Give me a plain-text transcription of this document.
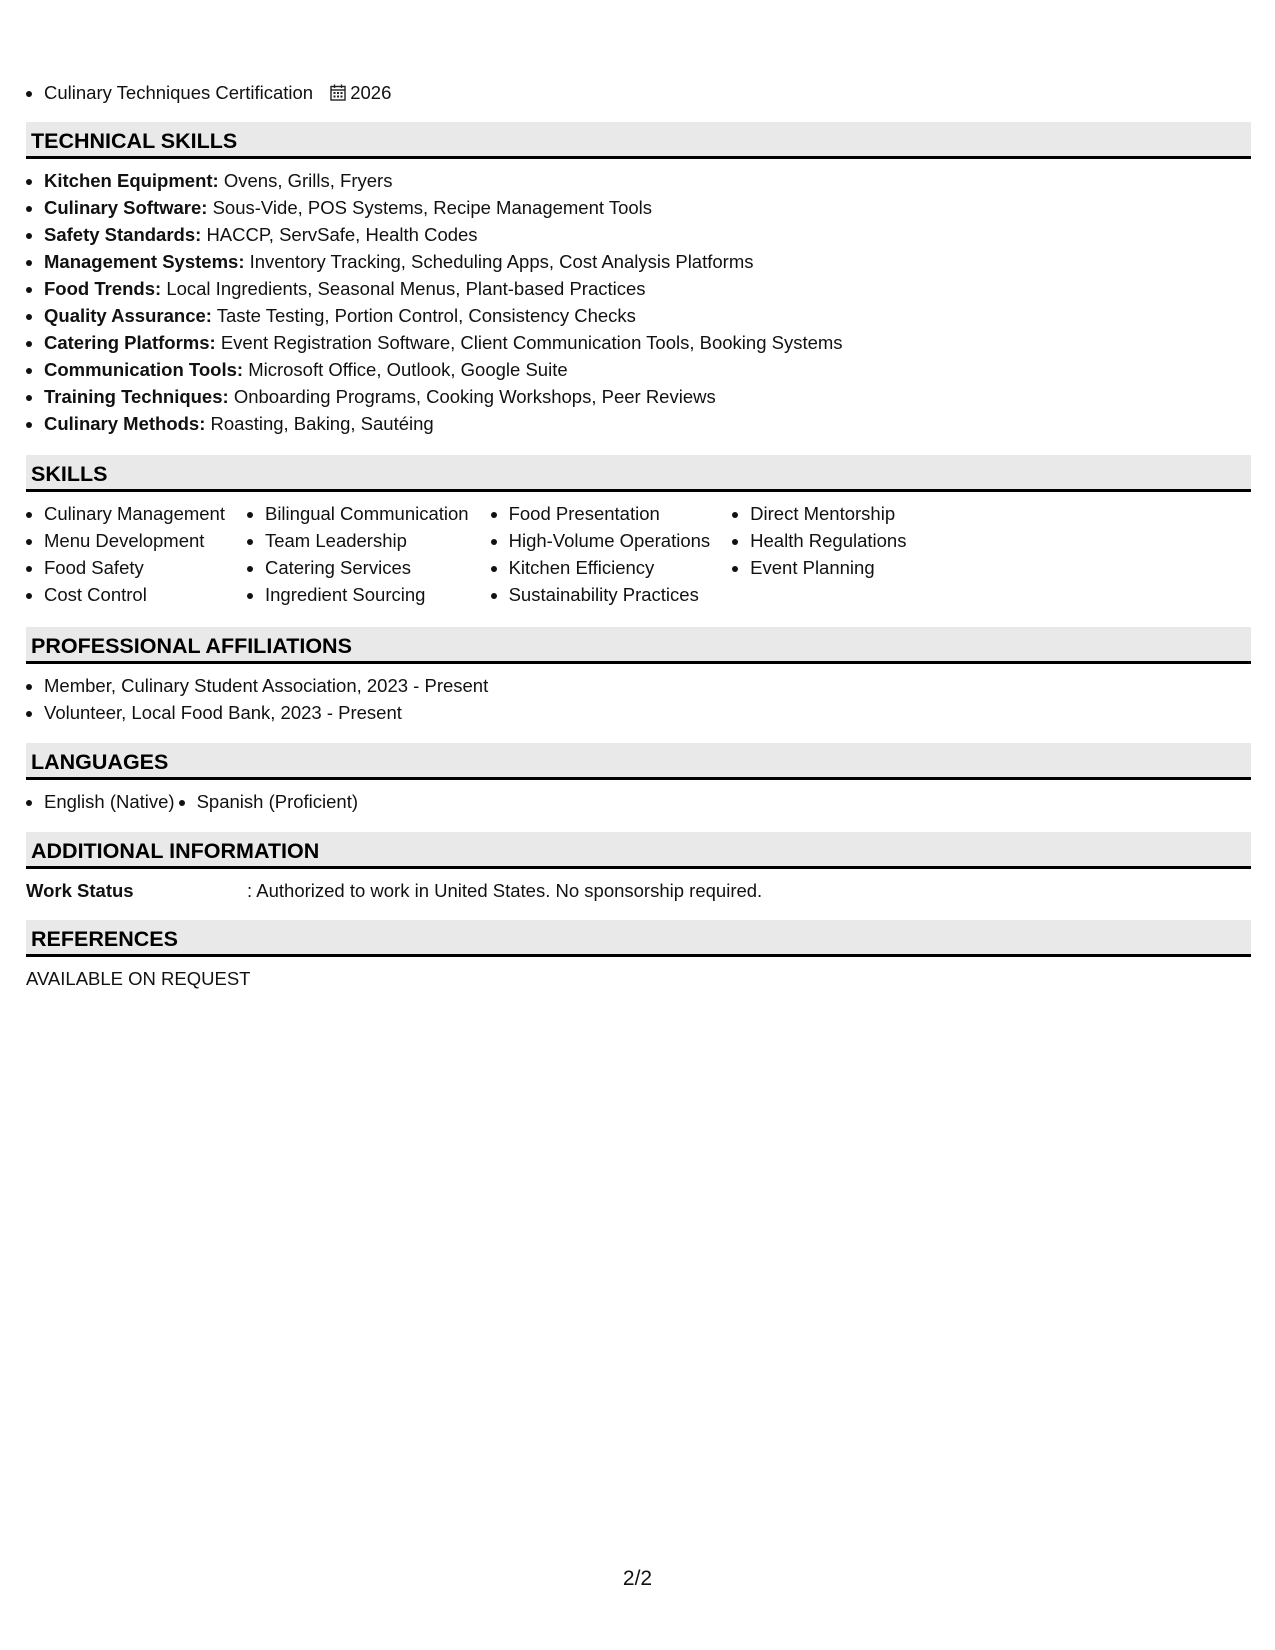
• Culinary Techniques Certification 2026
TECHNICAL SKILLS
• Kitchen Equipment: Ovens, Grills, Fryers
• Culinary Software: Sous-Vide, POS Systems, Recipe Management Tools
• Safety Standards: HACCP, ServSafe, Health Codes
• Management Systems: Inventory Tracking, Scheduling Apps, Cost Analysis Platforms
• Food Trends: Local Ingredients, Seasonal Menus, Plant-based Practices
• Quality Assurance: Taste Testing, Portion Control, Consistency Checks
• Catering Platforms: Event Registration Software, Client Communication Tools, Booking Systems
• Communication Tools: Microsoft Office, Outlook, Google Suite
• Training Techniques: Onboarding Programs, Cooking Workshops, Peer Reviews
• Culinary Methods: Roasting, Baking, Sautéing
SKILLS
• Culinary Management
• Menu Development
• Food Safety
• Cost Control
• Bilingual Communication
• Team Leadership
• Catering Services
• Ingredient Sourcing
• Food Presentation
• High-Volume Operations
• Kitchen Efficiency
• Sustainability Practices
• Direct Mentorship
• Health Regulations
• Event Planning
PROFESSIONAL AFFILIATIONS
• Member, Culinary Student Association, 2023 - Present
• Volunteer, Local Food Bank, 2023 - Present
LANGUAGES
• English (Native)
• Spanish (Proficient)
ADDITIONAL INFORMATION
Work Status	: Authorized to work in United States. No sponsorship required.
REFERENCES
AVAILABLE ON REQUEST
2/2
